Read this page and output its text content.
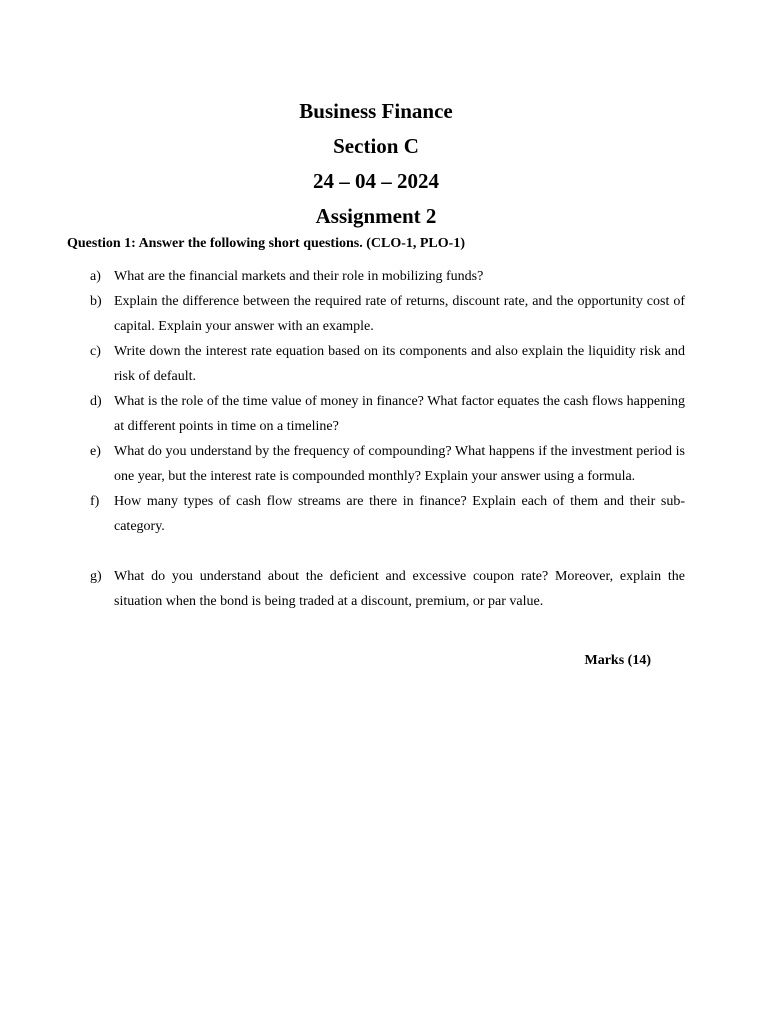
Business Finance

Section C

24 – 04 – 2024

Assignment 2

Question 1: Answer the following short questions. (CLO-1, PLO-1)

a) What are the financial markets and their role in mobilizing funds?
b) Explain the difference between the required rate of returns, discount rate, and the opportunity cost of capital. Explain your answer with an example.
c) Write down the interest rate equation based on its components and also explain the liquidity risk and risk of default.
d) What is the role of the time value of money in finance? What factor equates the cash flows happening at different points in time on a timeline?
e) What do you understand by the frequency of compounding? What happens if the investment period is one year, but the interest rate is compounded monthly? Explain your answer using a formula.
f) How many types of cash flow streams are there in finance? Explain each of them and their sub-category.
g) What do you understand about the deficient and excessive coupon rate? Moreover, explain the situation when the bond is being traded at a discount, premium, or par value.

Marks (14)
